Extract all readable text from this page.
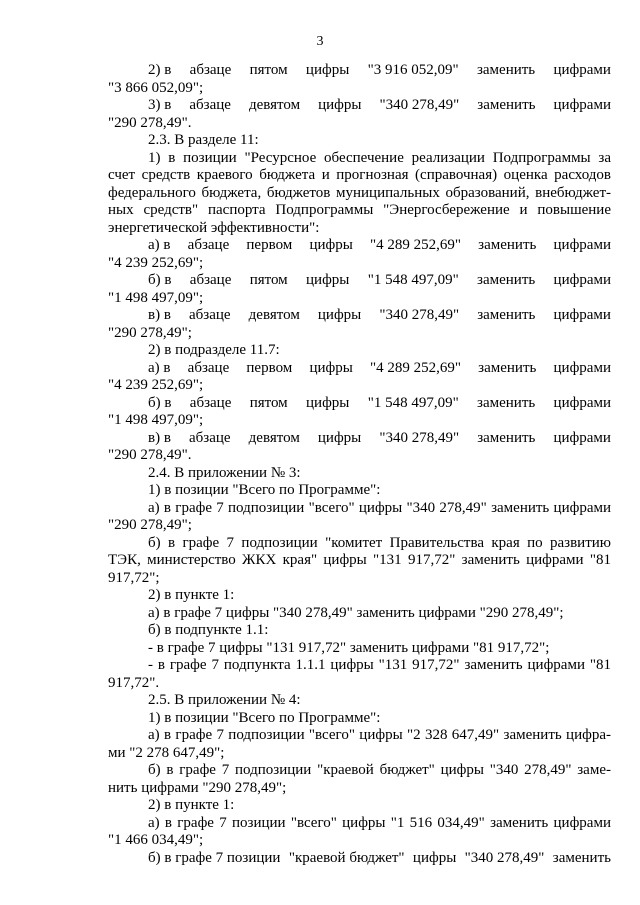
3
2) в абзаце пятом цифры "3 916 052,09" заменить цифрами
"3 866 052,09";
3) в абзаце девятом цифры "340 278,49" заменить цифрами
"290 278,49".
2.3. В разделе 11:
1) в позиции "Ресурсное обеспечение реализации Подпрограммы за счет средств краевого бюджета и прогнозная (справочная) оценка расходов федерального бюджета, бюджетов муниципальных образований, внебюджетных средств" паспорта Подпрограммы "Энергосбережение и повышение энергетической эффективности":
а) в абзаце первом цифры "4 289 252,69" заменить цифрами
"4 239 252,69";
б) в абзаце пятом цифры "1 548 497,09" заменить цифрами
"1 498 497,09";
в) в абзаце девятом цифры "340 278,49" заменить цифрами
"290 278,49";
2) в подразделе 11.7:
а) в абзаце первом цифры "4 289 252,69" заменить цифрами
"4 239 252,69";
б) в абзаце пятом цифры "1 548 497,09" заменить цифрами
"1 498 497,09";
в) в абзаце девятом цифры "340 278,49" заменить цифрами
"290 278,49".
2.4. В приложении № 3:
1) в позиции "Всего по Программе":
а) в графе 7 подпозиции "всего" цифры "340 278,49" заменить цифрами "290 278,49";
б) в графе 7 подпозиции "комитет Правительства края по развитию ТЭК, министерство ЖКХ края" цифры "131 917,72" заменить цифрами "81 917,72";
2) в пункте 1:
а) в графе 7 цифры "340 278,49" заменить цифрами "290 278,49";
б) в подпункте 1.1:
- в графе 7 цифры "131 917,72" заменить цифрами "81 917,72";
- в графе 7 подпункта 1.1.1 цифры "131 917,72" заменить цифрами "81 917,72".
2.5. В приложении № 4:
1) в позиции "Всего по Программе":
а) в графе 7 подпозиции "всего" цифры "2 328 647,49" заменить цифрами "2 278 647,49";
б) в графе 7 подпозиции "краевой бюджет" цифры "340 278,49" заменить цифрами "290 278,49";
2) в пункте 1:
а) в графе 7 позиции "всего" цифры "1 516 034,49" заменить цифрами "1 466 034,49";
б) в графе 7 позиции "краевой бюджет" цифры "340 278,49" заменить
